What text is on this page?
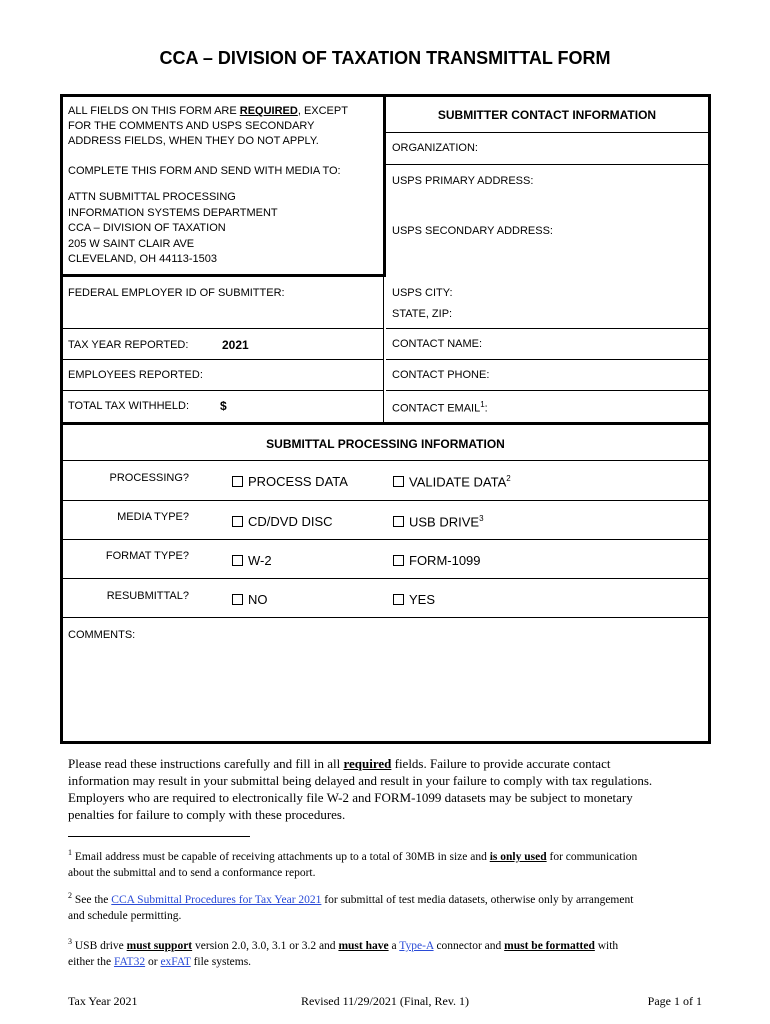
CCA – DIVISION OF TAXATION TRANSMITTAL FORM
ALL FIELDS ON THIS FORM ARE REQUIRED, EXCEPT
FOR THE COMMENTS AND USPS SECONDARY
ADDRESS FIELDS, WHEN THEY DO NOT APPLY.
COMPLETE THIS FORM AND SEND WITH MEDIA TO:
ATTN SUBMITTAL PROCESSING
INFORMATION SYSTEMS DEPARTMENT
CCA – DIVISION OF TAXATION
205 W SAINT CLAIR AVE
CLEVELAND, OH 44113-1503
SUBMITTER CONTACT INFORMATION
ORGANIZATION:
USPS PRIMARY ADDRESS:
USPS SECONDARY ADDRESS:
USPS CITY:
STATE, ZIP:
CONTACT NAME:
CONTACT PHONE:
CONTACT EMAIL$^1$:
FEDERAL EMPLOYER ID OF SUBMITTER:
TAX YEAR REPORTED:	2021
EMPLOYEES REPORTED:
TOTAL TAX WITHHELD:	$
SUBMITTAL PROCESSING INFORMATION
PROCESSING?	PROCESS DATA	VALIDATE DATA$^2$
MEDIA TYPE?	CD/DVD DISC	USB DRIVE$^3$
FORMAT TYPE?	W-2	FORM-1099
RESUBMITTAL?	NO	YES
COMMENTS:
Please read these instructions carefully and fill in all required fields. Failure to provide accurate contact
information may result in your submittal being delayed and result in your failure to comply with tax regulations.
Employers who are required to electronically file W-2 and FORM-1099 datasets may be subject to monetary
penalties for failure to comply with these procedures.
$^1$ Email address must be capable of receiving attachments up to a total of 30MB in size and is only used for communication
about the submittal and to send a conformance report.
$^2$ See the CCA Submittal Procedures for Tax Year 2021 for submittal of test media datasets, otherwise only by arrangement
and schedule permitting.
$^3$ USB drive must support version 2.0, 3.0, 3.1 or 3.2 and must have a Type-A connector and must be formatted with
either the FAT32 or exFAT file systems.
Tax Year 2021	Revised 11/29/2021 (Final, Rev. 1)	Page 1 of 1
